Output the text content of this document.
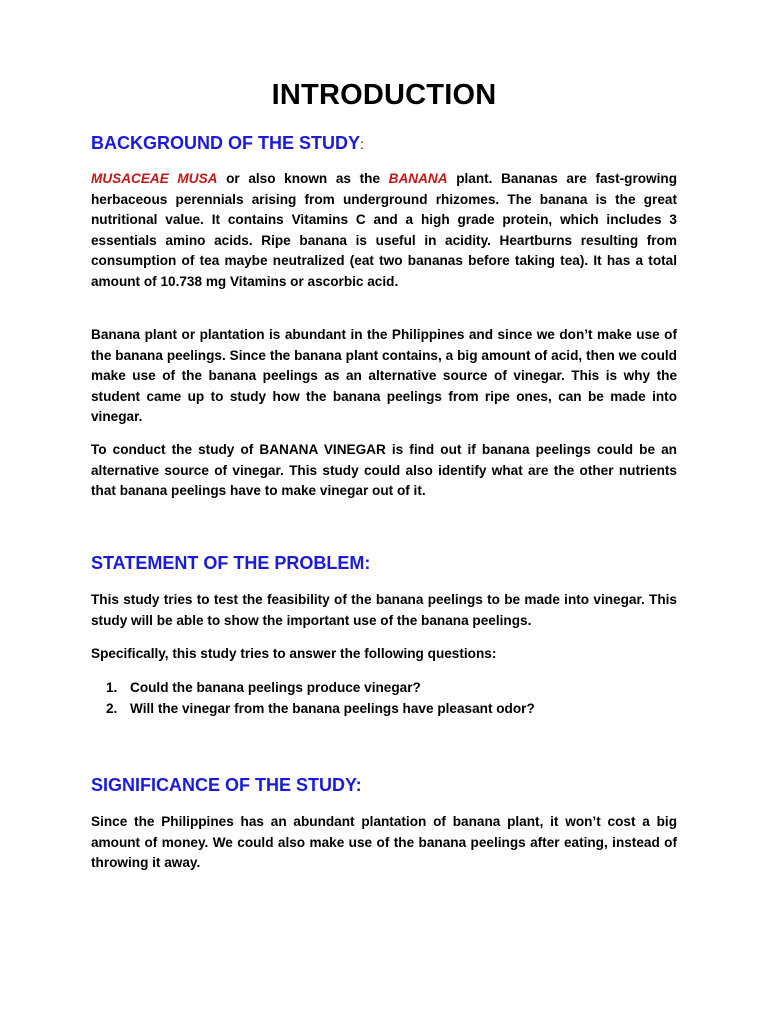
INTRODUCTION
BACKGROUND OF THE STUDY:

MUSACEAE MUSA or also known as the BANANA plant. Bananas are fast-growing herbaceous perennials arising from underground rhizomes. The banana is the great nutritional value. It contains Vitamins C and a high grade protein, which includes 3 essentials amino acids. Ripe banana is useful in acidity. Heartburns resulting from consumption of tea maybe neutralized (eat two bananas before taking tea). It has a total amount of 10.738 mg Vitamins or ascorbic acid.

Banana plant or plantation is abundant in the Philippines and since we don’t make use of the banana peelings. Since the banana plant contains, a big amount of acid, then we could make use of the banana peelings as an alternative source of vinegar. This is why the student came up to study how the banana peelings from ripe ones, can be made into vinegar.

To conduct the study of BANANA VINEGAR is find out if banana peelings could be an alternative source of vinegar. This study could also identify what are the other nutrients that banana peelings have to make vinegar out of it.

STATEMENT OF THE PROBLEM:

This study tries to test the feasibility of the banana peelings to be made into vinegar. This study will be able to show the important use of the banana peelings.

Specifically, this study tries to answer the following questions:

1. Could the banana peelings produce vinegar?
2. Will the vinegar from the banana peelings have pleasant odor?
SIGNIFICANCE OF THE STUDY:

Since the Philippines has an abundant plantation of banana plant, it won’t cost a big amount of money. We could also make use of the banana peelings after eating, instead of throwing it away.
